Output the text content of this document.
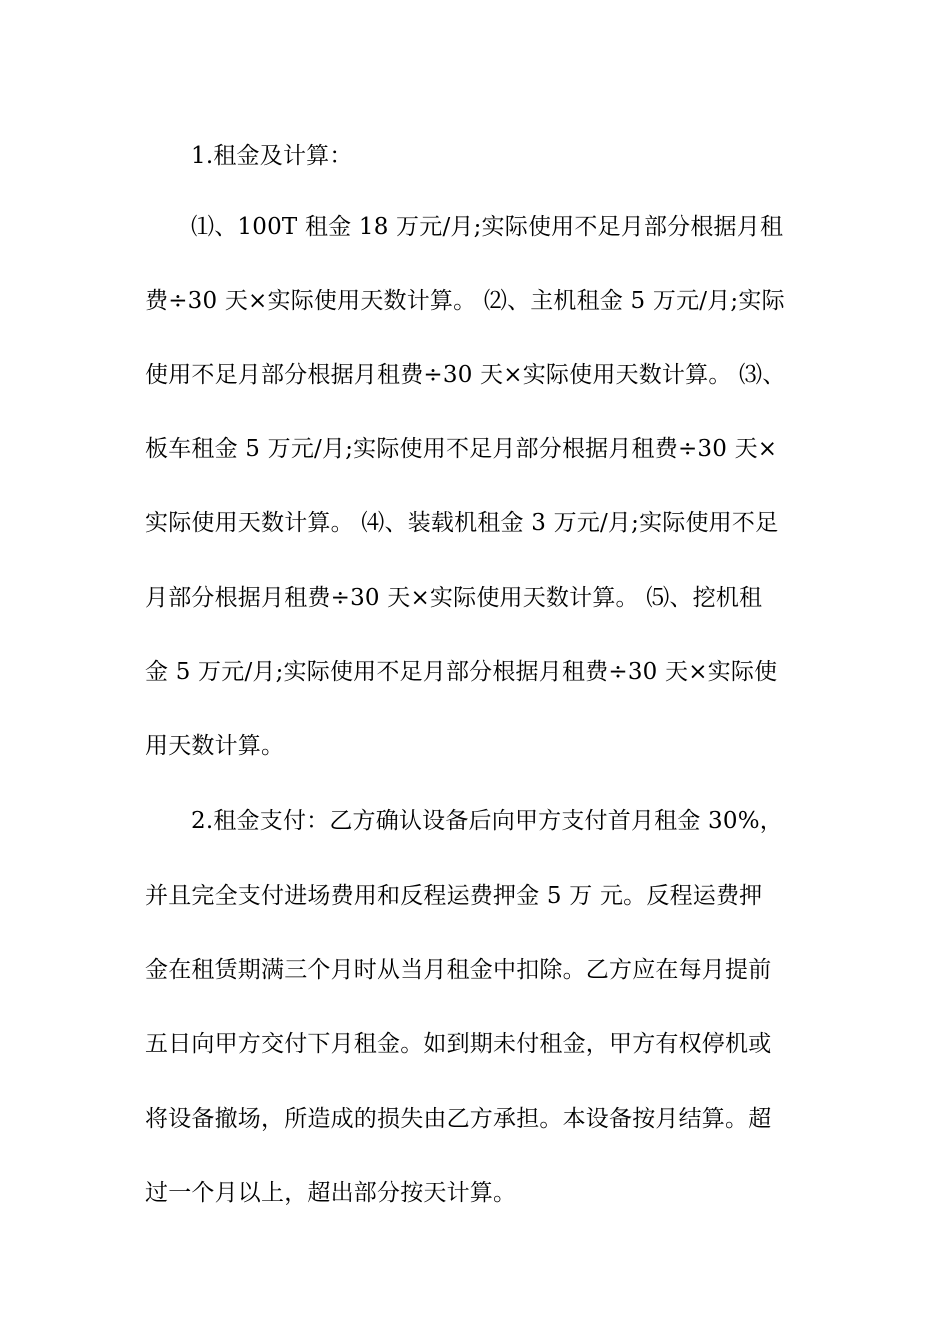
1.租金及计算：
⑴、100T 租金 18 万元/月;实际使用不足月部分根据月租
费÷30 天×实际使用天数计算。 ⑵、主机租金 5 万元/月;实际
使用不足月部分根据月租费÷30 天×实际使用天数计算。 ⑶、
板车租金 5 万元/月;实际使用不足月部分根据月租费÷30 天×
实际使用天数计算。 ⑷、装载机租金 3 万元/月;实际使用不足
月部分根据月租费÷30 天×实际使用天数计算。 ⑸、挖机租
金 5 万元/月;实际使用不足月部分根据月租费÷30 天×实际使
用天数计算。
2.租金支付：乙方确认设备后向甲方支付首月租金 30%，
并且完全支付进场费用和反程运费押金 5 万 元。反程运费押
金在租赁期满三个月时从当月租金中扣除。乙方应在每月提前
五日向甲方交付下月租金。如到期未付租金，甲方有权停机或
将设备撤场，所造成的损失由乙方承担。本设备按月结算。超
过一个月以上，超出部分按天计算。
